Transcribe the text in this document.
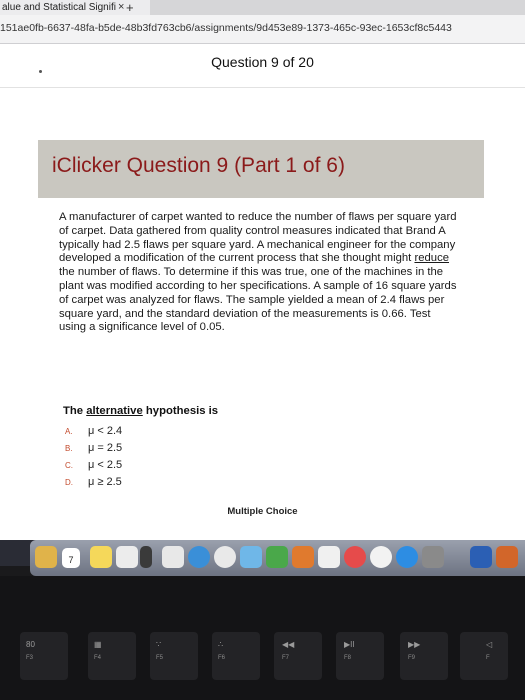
alue and Statistical Signifi × +
151ae0fb-6637-48fa-b5de-48b3fd763cb6/assignments/9d453e89-1373-465c-93ec-1653cf8c5443
Question 9 of 20
iClicker Question 9 (Part 1 of 6)
A manufacturer of carpet wanted to reduce the number of flaws per square yard of carpet. Data gathered from quality control measures indicated that Brand A typically had 2.5 flaws per square yard. A mechanical engineer for the company developed a modification of the current process that she thought might reduce the number of flaws. To determine if this was true, one of the machines in the plant was modified according to her specifications. A sample of 16 square yards of carpet was analyzed for flaws. The sample yielded a mean of 2.4 flaws per square yard, and the standard deviation of the measurements is 0.66. Test using a significance level of 0.05.
The alternative hypothesis is
A. μ < 2.4
B. μ = 2.5
C. μ < 2.5
D. μ ≥ 2.5
Multiple Choice
7
80
F3
▦
F4
∵
F5
∴
F6
◀◀
F7
▶II
F8
▶▶
F9
◁
F
